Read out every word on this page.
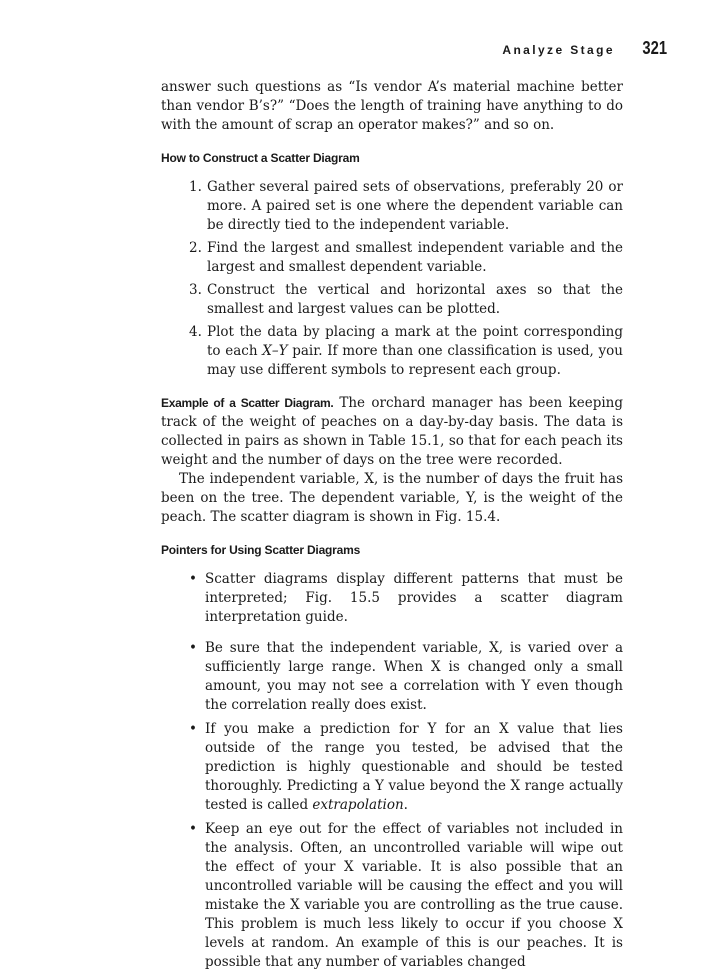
Analyze Stage 321

answer such questions as “Is vendor A’s material machine better than vendor B’s?” “Does the length of training have anything to do with the amount of scrap an operator makes?” and so on.

How to Construct a Scatter Diagram
1. Gather several paired sets of observations, preferably 20 or more. A paired set is one where the dependent variable can be directly tied to the independent variable.
2. Find the largest and smallest independent variable and the largest and smallest dependent variable.
3. Construct the vertical and horizontal axes so that the smallest and largest values can be plotted.
4. Plot the data by placing a mark at the point corresponding to each X–Y pair. If more than one classification is used, you may use different symbols to represent each group.

Example of a Scatter Diagram. The orchard manager has been keeping track of the weight of peaches on a day-by-day basis. The data is collected in pairs as shown in Table 15.1, so that for each peach its weight and the number of days on the tree were recorded.

The independent variable, X, is the number of days the fruit has been on the tree. The dependent variable, Y, is the weight of the peach. The scatter diagram is shown in Fig. 15.4.

Pointers for Using Scatter Diagrams
• Scatter diagrams display different patterns that must be interpreted; Fig. 15.5 provides a scatter diagram interpretation guide.
• Be sure that the independent variable, X, is varied over a sufficiently large range. When X is changed only a small amount, you may not see a correlation with Y even though the correlation really does exist.
• If you make a prediction for Y for an X value that lies outside of the range you tested, be advised that the prediction is highly questionable and should be tested thoroughly. Predicting a Y value beyond the X range actually tested is called extrapolation.
• Keep an eye out for the effect of variables not included in the analysis. Often, an uncontrolled variable will wipe out the effect of your X variable. It is also possible that an uncontrolled variable will be causing the effect and you will mistake the X variable you are controlling as the true cause. This problem is much less likely to occur if you choose X levels at random. An example of this is our peaches. It is possible that any number of variables changed
